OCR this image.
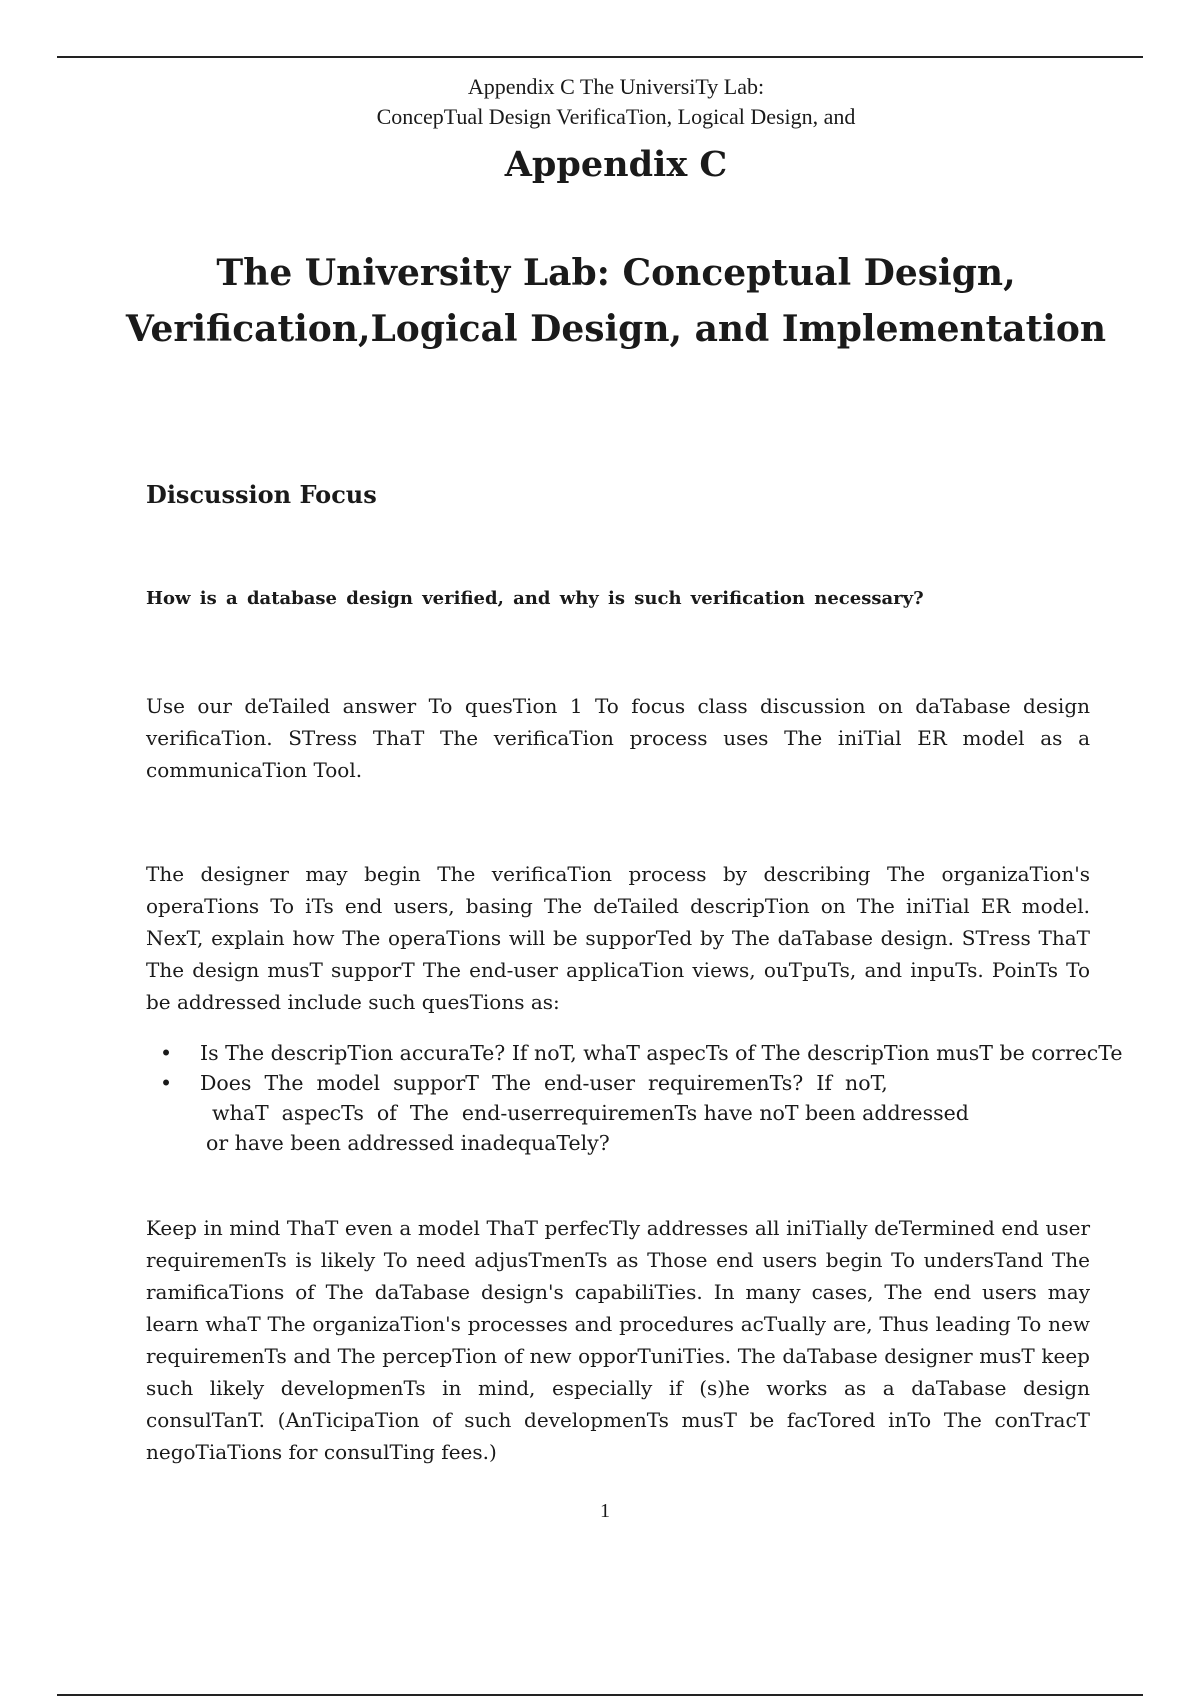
Appendix C The UniversiTy Lab:
ConcepTual Design VerificaTion, Logical Design, and
Appendix C
The University Lab: Conceptual Design,
Verification,Logical Design, and Implementation
Discussion Focus
How is a database design verified, and why is such verification necessary?
Use our deTailed answer To quesTion 1 To focus class discussion on daTabase design verificaTion. STress ThaT The verificaTion process uses The iniTial ER model as a communicaTion Tool.
The designer may begin The verificaTion process by describing The organizaTion's operaTions To iTs end users, basing The deTailed descripTion on The iniTial ER model. NexT, explain how The operaTions will be supporTed by The daTabase design. STress ThaT The design musT supporT The end-user applicaTion views, ouTpuTs, and inpuTs. PoinTs To be addressed include such quesTions as:
• Is The descripTion accuraTe? If noT, whaT aspecTs of The descripTion musT be correcTe
• Does  The  model  supporT  The  end-user  requiremenTs?  If  noT,
whaT  aspecTs  of  The  end-userrequiremenTs have noT been addressed
or have been addressed inadequaTely?
Keep in mind ThaT even a model ThaT perfecTly addresses all iniTially deTermined end user requiremenTs is likely To need adjusTmenTs as Those end users begin To undersTand The ramificaTions of The daTabase design's capabiliTies. In many cases, The end users may learn whaT The organizaTion's processes and procedures acTually are, Thus leading To new requiremenTs and The percepTion of new opporTuniTies. The daTabase designer musT keep such likely developmenTs in mind, especially if (s)he works as a daTabase design consulTanT. (AnTicipaTion of such developmenTs musT be facTored inTo The conTracT negoTiaTions for consulTing fees.)
1
